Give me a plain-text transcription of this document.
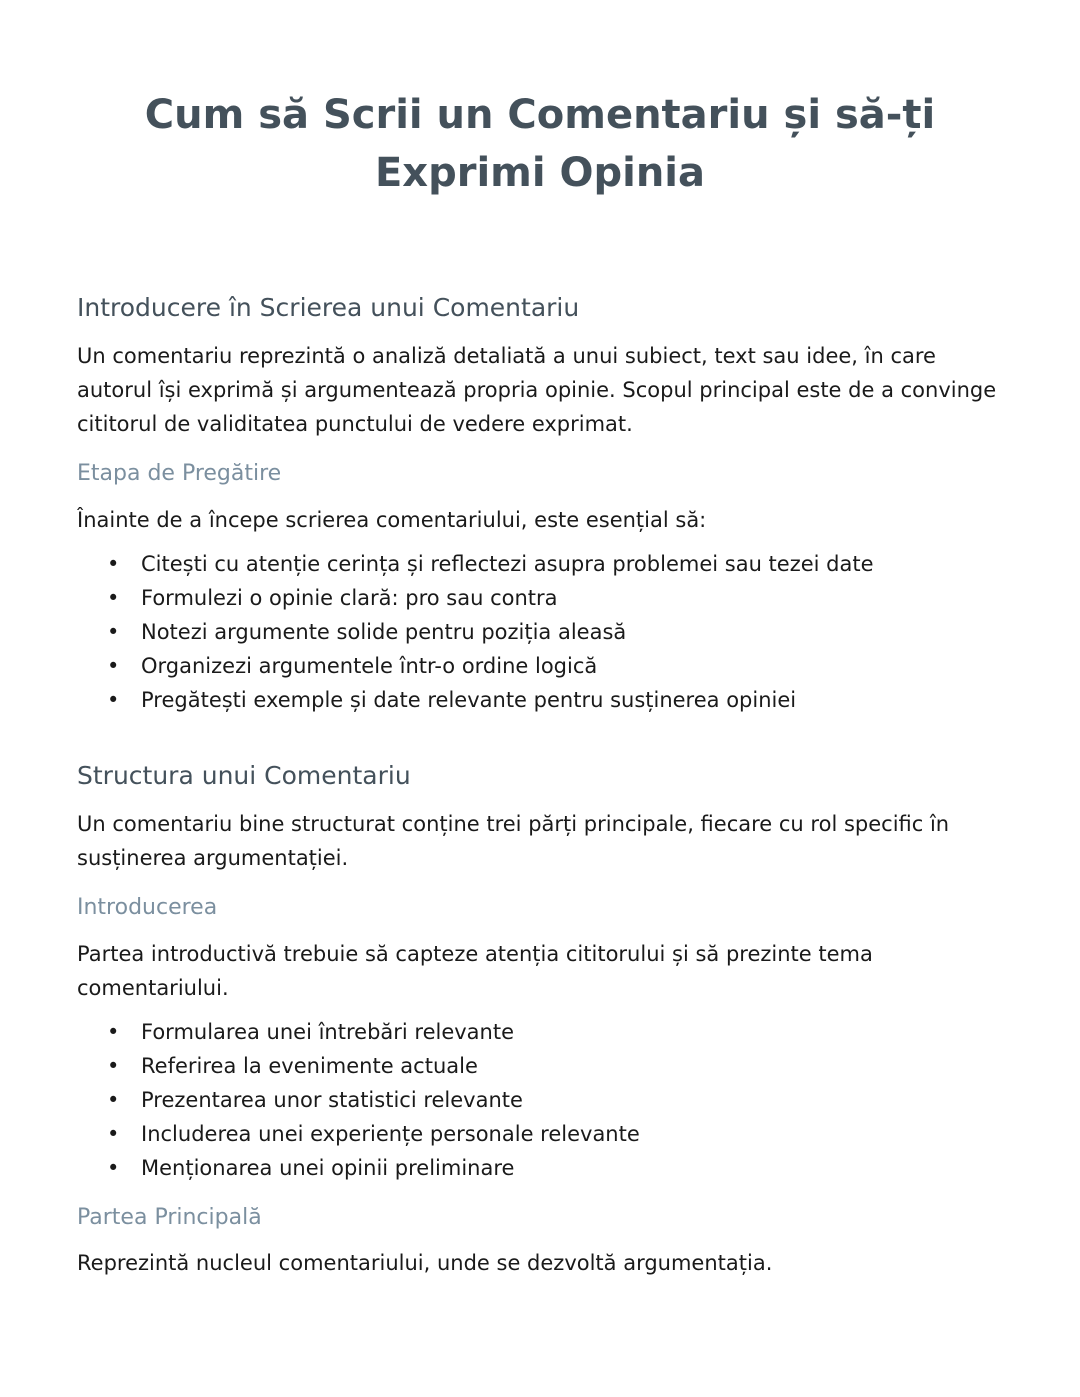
Cum să Scrii un Comentariu și să-ți Exprimi Opinia
Introducere în Scrierea unui Comentariu

Un comentariu reprezintă o analiză detaliată a unui subiect, text sau idee, în care autorul își exprimă și argumentează propria opinie. Scopul principal este de a convinge cititorul de validitatea punctului de vedere exprimat.

Etapa de Pregătire

Înainte de a începe scrierea comentariului, este esențial să:

• Citești cu atenție cerința și reflectezi asupra problemei sau tezei date
• Formulezi o opinie clară: pro sau contra
• Notezi argumente solide pentru poziția aleasă
• Organizezi argumentele într-o ordine logică
• Pregătești exemple și date relevante pentru susținerea opiniei
Structura unui Comentariu

Un comentariu bine structurat conține trei părți principale, fiecare cu rol specific în susținerea argumentației.

Introducerea

Partea introductivă trebuie să capteze atenția cititorului și să prezinte tema comentariului.

• Formularea unei întrebări relevante
• Referirea la evenimente actuale
• Prezentarea unor statistici relevante
• Includerea unei experiențe personale relevante
• Menționarea unei opinii preliminare
Partea Principală

Reprezintă nucleul comentariului, unde se dezvoltă argumentația.
